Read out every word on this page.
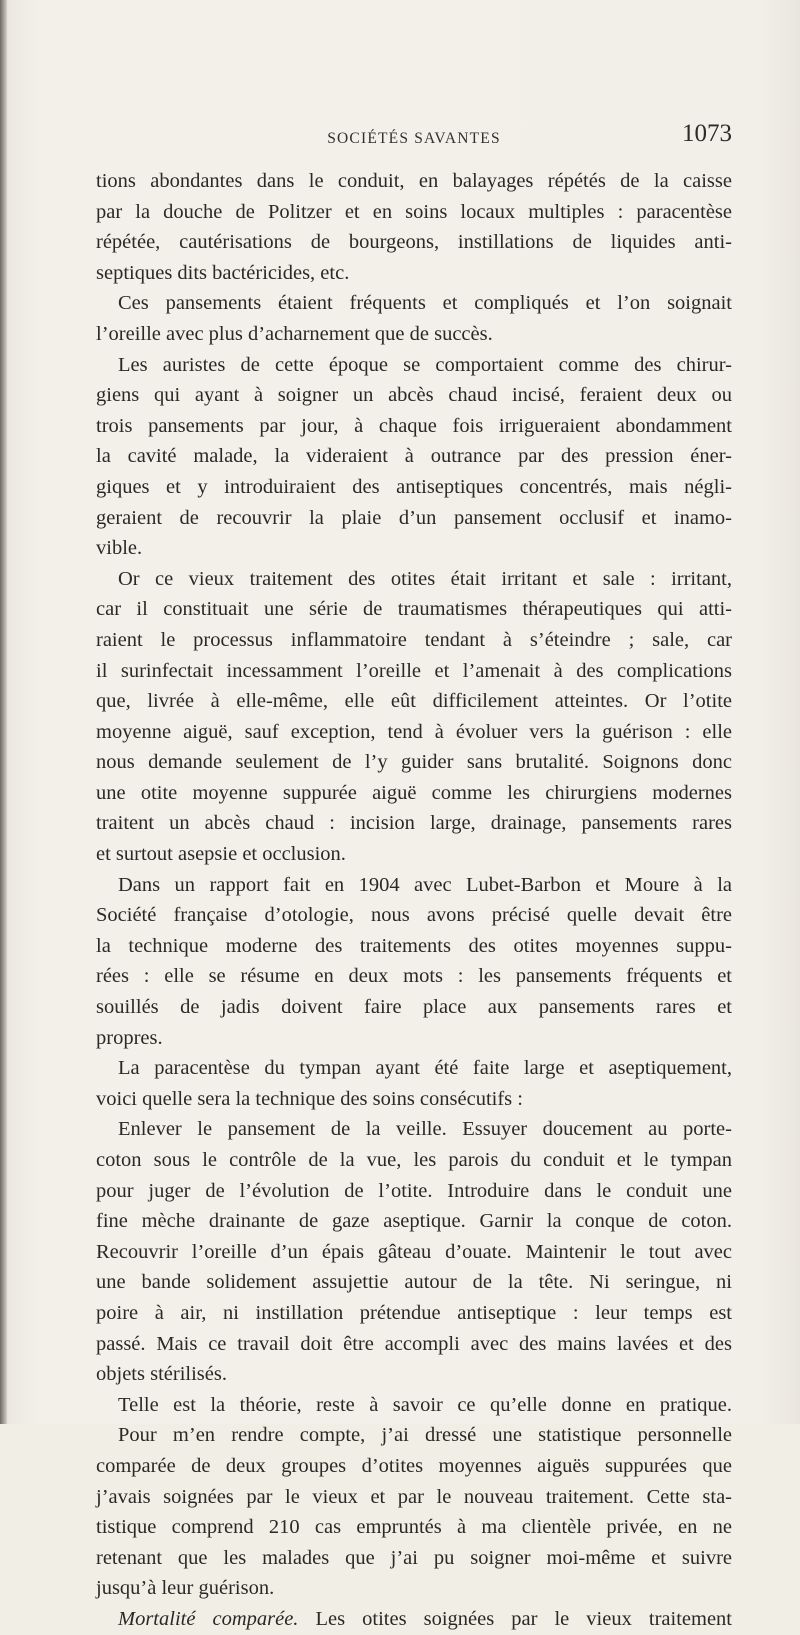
SOCIÉTÉS SAVANTES	1073
tions abondantes dans le conduit, en balayages répétés de la caisse
par la douche de Politzer et en soins locaux multiples : paracentèse
répétée, cautérisations de bourgeons, instillations de liquides anti-
septiques dits bactéricides, etc.
Ces pansements étaient fréquents et compliqués et l’on soignait
l’oreille avec plus d’acharnement que de succès.
Les auristes de cette époque se comportaient comme des chirur-
giens qui ayant à soigner un abcès chaud incisé, feraient deux ou
trois pansements par jour, à chaque fois irrigueraient abondamment
la cavité malade, la videraient à outrance par des pression éner-
giques et y introduiraient des antiseptiques concentrés, mais négli-
geraient de recouvrir la plaie d’un pansement occlusif et inamo-
vible.
Or ce vieux traitement des otites était irritant et sale : irritant,
car il constituait une série de traumatismes thérapeutiques qui atti-
raient le processus inflammatoire tendant à s’éteindre ; sale, car
il surinfectait incessamment l’oreille et l’amenait à des complications
que, livrée à elle-même, elle eût difficilement atteintes. Or l’otite
moyenne aiguë, sauf exception, tend à évoluer vers la guérison : elle
nous demande seulement de l’y guider sans brutalité. Soignons donc
une otite moyenne suppurée aiguë comme les chirurgiens modernes
traitent un abcès chaud : incision large, drainage, pansements rares
et surtout asepsie et occlusion.
Dans un rapport fait en 1904 avec Lubet-Barbon et Moure à la
Société française d’otologie, nous avons précisé quelle devait être
la technique moderne des traitements des otites moyennes suppu-
rées : elle se résume en deux mots : les pansements fréquents et
souillés de jadis doivent faire place aux pansements rares et
propres.
La paracentèse du tympan ayant été faite large et aseptiquement,
voici quelle sera la technique des soins consécutifs :
Enlever le pansement de la veille. Essuyer doucement au porte-
coton sous le contrôle de la vue, les parois du conduit et le tympan
pour juger de l’évolution de l’otite. Introduire dans le conduit une
fine mèche drainante de gaze aseptique. Garnir la conque de coton.
Recouvrir l’oreille d’un épais gâteau d’ouate. Maintenir le tout avec
une bande solidement assujettie autour de la tête. Ni seringue, ni
poire à air, ni instillation prétendue antiseptique : leur temps est
passé. Mais ce travail doit être accompli avec des mains lavées et des
objets stérilisés.
Telle est la théorie, reste à savoir ce qu’elle donne en pratique.
Pour m’en rendre compte, j’ai dressé une statistique personnelle
comparée de deux groupes d’otites moyennes aiguës suppurées que
j’avais soignées par le vieux et par le nouveau traitement. Cette sta-
tistique comprend 210 cas empruntés à ma clientèle privée, en ne
retenant que les malades que j’ai pu soigner moi-même et suivre
jusqu’à leur guérison.
Mortalité comparée. Les otites soignées par le vieux traitement
